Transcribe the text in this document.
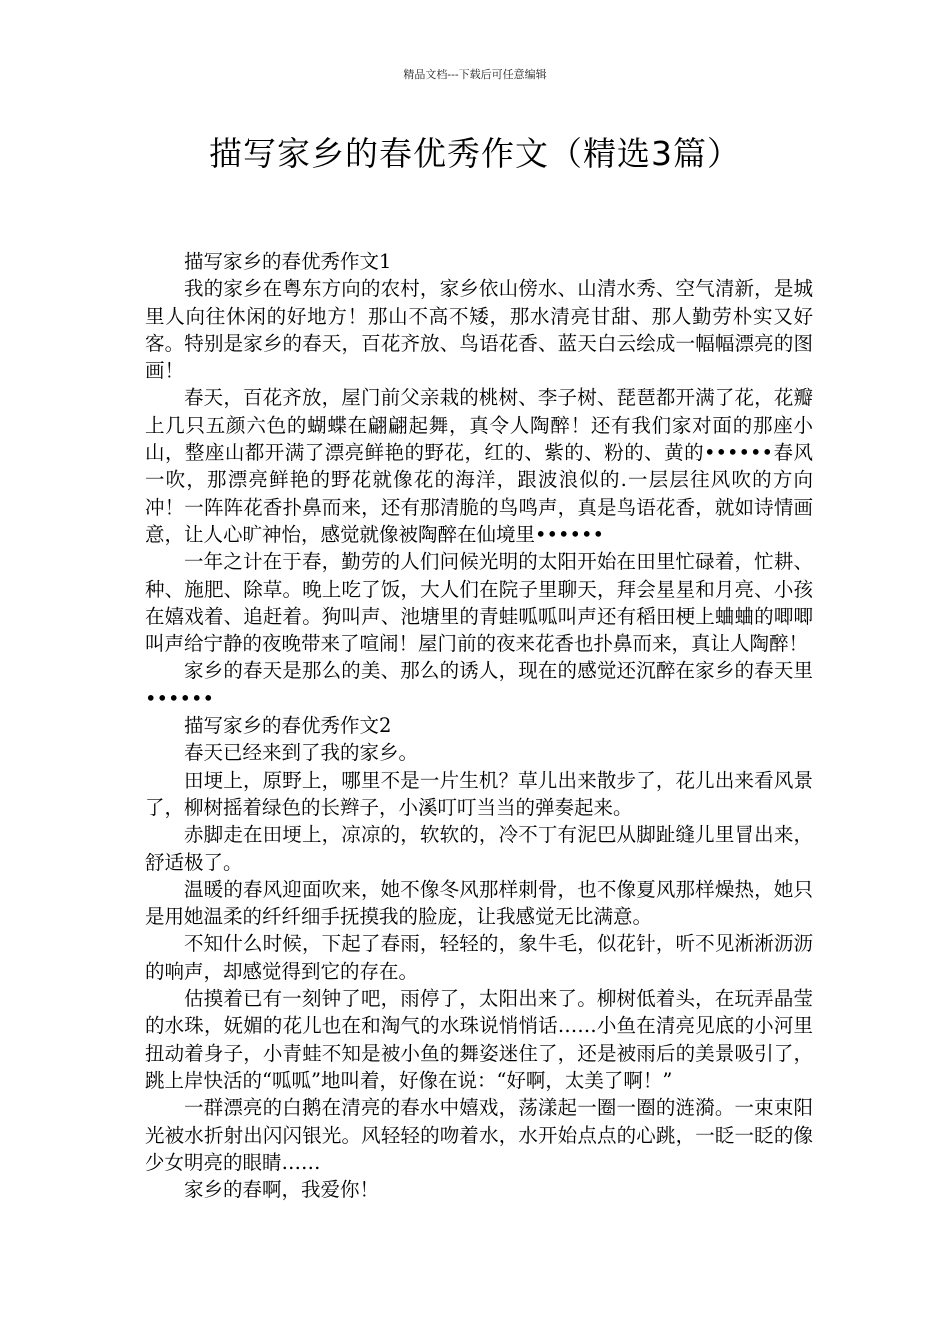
精品文档---下载后可任意编辑
描写家乡的春优秀作文（精选3篇）

描写家乡的春优秀作文1

我的家乡在粤东方向的农村，家乡依山傍水、山清水秀、空气清新，是城里人向往休闲的好地方！那山不高不矮，那水清亮甘甜、那人勤劳朴实又好客。特别是家乡的春天，百花齐放、鸟语花香、蓝天白云绘成一幅幅漂亮的图画！

春天，百花齐放，屋门前父亲栽的桃树、李子树、琵琶都开满了花，花瓣上几只五颜六色的蝴蝶在翩翩起舞，真令人陶醉！还有我们家对面的那座小山，整座山都开满了漂亮鲜艳的野花，红的、紫的、粉的、黄的••••••春风一吹，那漂亮鲜艳的野花就像花的海洋，跟波浪似的.一层层往风吹的方向冲！一阵阵花香扑鼻而来，还有那清脆的鸟鸣声，真是鸟语花香，就如诗情画意，让人心旷神怡，感觉就像被陶醉在仙境里••••••

一年之计在于春，勤劳的人们问候光明的太阳开始在田里忙碌着，忙耕、种、施肥、除草。晚上吃了饭，大人们在院子里聊天，拜会星星和月亮、小孩在嬉戏着、追赶着。狗叫声、池塘里的青蛙呱呱叫声还有稻田梗上蛐蛐的唧唧叫声给宁静的夜晚带来了喧闹！屋门前的夜来花香也扑鼻而来，真让人陶醉！

家乡的春天是那么的美、那么的诱人，现在的感觉还沉醉在家乡的春天里••••••

描写家乡的春优秀作文2

春天已经来到了我的家乡。

田埂上，原野上，哪里不是一片生机？草儿出来散步了，花儿出来看风景了，柳树摇着绿色的长辫子，小溪叮叮当当的弹奏起来。

赤脚走在田埂上，凉凉的，软软的，冷不丁有泥巴从脚趾缝儿里冒出来，舒适极了。

温暖的春风迎面吹来，她不像冬风那样刺骨，也不像夏风那样燥热，她只是用她温柔的纤纤细手抚摸我的脸庞，让我感觉无比满意。

不知什么时候，下起了春雨，轻轻的，象牛毛，似花针，听不见淅淅沥沥的响声，却感觉得到它的存在。

估摸着已有一刻钟了吧，雨停了，太阳出来了。柳树低着头，在玩弄晶莹的水珠，妩媚的花儿也在和淘气的水珠说悄悄话……小鱼在清亮见底的小河里扭动着身子，小青蛙不知是被小鱼的舞姿迷住了，还是被雨后的美景吸引了，跳上岸快活的“呱呱”地叫着，好像在说：“好啊，太美了啊！”

一群漂亮的白鹅在清亮的春水中嬉戏，荡漾起一圈一圈的涟漪。一束束阳光被水折射出闪闪银光。风轻轻的吻着水，水开始点点的心跳，一眨一眨的像少女明亮的眼睛……

家乡的春啊，我爱你！
